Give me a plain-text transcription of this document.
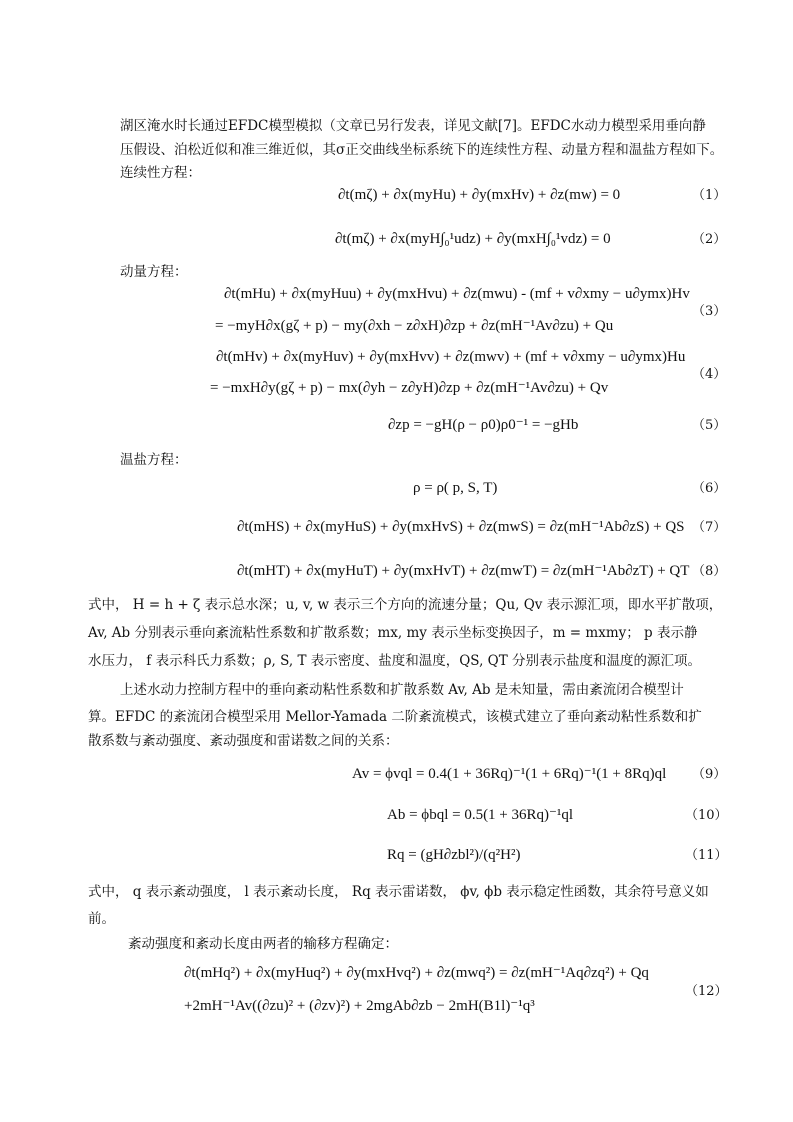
湖区淹水时长通过EFDC模型模拟（文章已另行发表，详见文献[7]。EFDC水动力模型采用垂向静
压假设、泊松近似和准三维近似，其σ正交曲线坐标系统下的连续性方程、动量方程和温盐方程如下。
连续性方程：
∂t(mζ) + ∂x(myHu) + ∂y(mxHv) + ∂z(mw) = 0	（1）
∂t(mζ) + ∂x(myH∫₀¹udz) + ∂y(mxH∫₀¹vdz) = 0	（2）
动量方程：
∂t(mHu) + ∂x(myHuu) + ∂y(mxHvu) + ∂z(mwu) - (mf + v∂xmy − u∂ymx)Hv
= −myH∂x(gζ + p) − my(∂xh − z∂xH)∂zp + ∂z(mH⁻¹Av∂zu) + Qu
（3）
∂t(mHv) + ∂x(myHuv) + ∂y(mxHvv) + ∂z(mwv) + (mf + v∂xmy − u∂ymx)Hu
= −mxH∂y(gζ + p) − mx(∂yh − z∂yH)∂zp + ∂z(mH⁻¹Av∂zu) + Qv
（4）
∂zp = −gH(ρ − ρ0)ρ0⁻¹ = −gHb	（5）
温盐方程：
ρ = ρ( p, S, T)	（6）
∂t(mHS) + ∂x(myHuS) + ∂y(mxHvS) + ∂z(mwS) = ∂z(mH⁻¹Ab∂zS) + QS （7）
∂t(mHT) + ∂x(myHuT) + ∂y(mxHvT) + ∂z(mwT) = ∂z(mH⁻¹Ab∂zT) + QT （8）
式中， H = h + ζ 表示总水深；u, v, w 表示三个方向的流速分量；Qu, Qv 表示源汇项，即水平扩散项，
Av, Ab 分别表示垂向紊流粘性系数和扩散系数；mx, my 表示坐标变换因子，m = mxmy； p 表示静
水压力， f 表示科氏力系数；ρ, S, T 表示密度、盐度和温度，QS, QT 分别表示盐度和温度的源汇项。
上述水动力控制方程中的垂向紊动粘性系数和扩散系数 Av, Ab 是未知量，需由紊流闭合模型计
算。EFDC 的紊流闭合模型采用 Mellor-Yamada 二阶紊流模式，该模式建立了垂向紊动粘性系数和扩
散系数与紊动强度、紊动强度和雷诺数之间的关系：
Av = ϕvql = 0.4(1 + 36Rq)⁻¹(1 + 6Rq)⁻¹(1 + 8Rq)ql （9）
Ab = ϕbql = 0.5(1 + 36Rq)⁻¹ql	（10）
Rq = (gH∂zbl²)/(q²H²)	（11）
式中， q 表示紊动强度， l 表示紊动长度， Rq 表示雷诺数， ϕv, ϕb 表示稳定性函数，其余符号意义如
前。
紊动强度和紊动长度由两者的输移方程确定：
∂t(mHq²) + ∂x(myHuq²) + ∂y(mxHvq²) + ∂z(mwq²) = ∂z(mH⁻¹Aq∂zq²) + Qq
+2mH⁻¹Av((∂zu)² + (∂zv)²) + 2mgAb∂zb − 2mH(B1l)⁻¹q³
（12）
